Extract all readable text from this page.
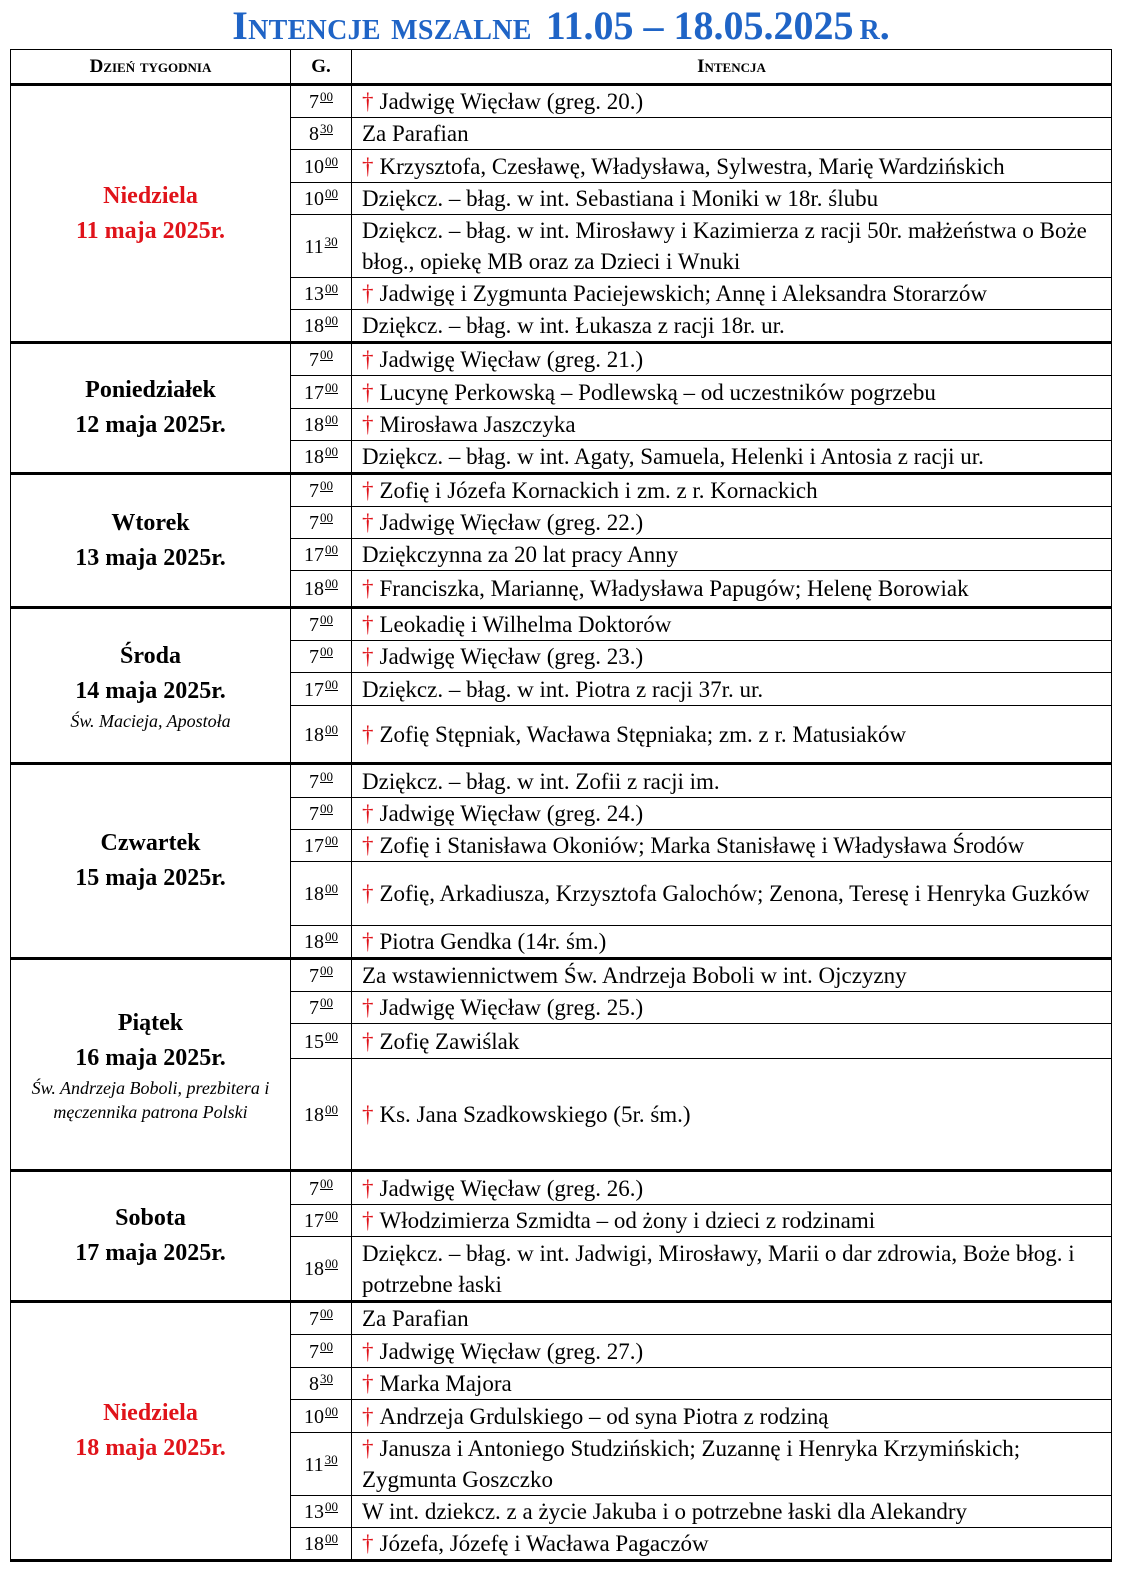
Intencje mszalne 11.05 – 18.05.2025 r.
Dzień tygodnia	G.	Intencja

Niedziela
11 maja 2025r.	$7^{00}$	† Jadwigę Więcław (greg. 20.)
	$8^{30}$	Za Parafian
	$10^{00}$	† Krzysztofa, Czesławę, Władysława, Sylwestra, Marię Wardzińskich
	$10^{00}$	Dziękcz. – błag. w int. Sebastiana i Moniki w 18r. ślubu
	$11^{30}$	Dziękcz. – błag. w int. Mirosławy i Kazimierza z racji 50r. małżeństwa o Boże błog., opiekę MB oraz za Dzieci i Wnuki
	$13^{00}$	† Jadwigę i Zygmunta Paciejewskich; Annę i Aleksandra Storarzów
	$18^{00}$	Dziękcz. – błag. w int. Łukasza z racji 18r. ur.

Poniedziałek
12 maja 2025r.	$7^{00}$	† Jadwigę Więcław (greg. 21.)
	$17^{00}$	† Lucynę Perkowską – Podlewską – od uczestników pogrzebu
	$18^{00}$	† Mirosława Jaszczyka
	$18^{00}$	Dziękcz. – błag. w int. Agaty, Samuela, Helenki i Antosia z racji ur.

Wtorek
13 maja 2025r.	$7^{00}$	† Zofię i Józefa Kornackich i zm. z r. Kornackich
	$7^{00}$	† Jadwigę Więcław (greg. 22.)
	$17^{00}$	Dziękczynna za 20 lat pracy Anny
	$18^{00}$	† Franciszka, Mariannę, Władysława Papugów; Helenę Borowiak

Środa
14 maja 2025r.
Św. Macieja, Apostoła	$7^{00}$	† Leokadię i Wilhelma Doktorów
	$7^{00}$	† Jadwigę Więcław (greg. 23.)
	$17^{00}$	Dziękcz. – błag. w int. Piotra z racji 37r. ur.
	$18^{00}$	† Zofię Stępniak, Wacława Stępniaka; zm. z r. Matusiaków

Czwartek
15 maja 2025r.	$7^{00}$	Dziękcz. – błag. w int. Zofii z racji im.
	$7^{00}$	† Jadwigę Więcław (greg. 24.)
	$17^{00}$	† Zofię i Stanisława Okoniów; Marka Stanisławę i Władysława Środów
	$18^{00}$	† Zofię, Arkadiusza, Krzysztofa Galochów; Zenona, Teresę i Henryka Guzków
	$18^{00}$	† Piotra Gendka (14r. śm.)

Piątek
16 maja 2025r.
Św. Andrzeja Boboli, prezbitera i męczennika patrona Polski	$7^{00}$	Za wstawiennictwem Św. Andrzeja Boboli w int. Ojczyzny
	$7^{00}$	† Jadwigę Więcław (greg. 25.)
	$15^{00}$	† Zofię Zawiślak
	$18^{00}$	† Ks. Jana Szadkowskiego (5r. śm.)

Sobota
17 maja 2025r.	$7^{00}$	† Jadwigę Więcław (greg. 26.)
	$17^{00}$	† Włodzimierza Szmidta – od żony i dzieci z rodzinami
	$18^{00}$	Dziękcz. – błag. w int. Jadwigi, Mirosławy, Marii o dar zdrowia, Boże błog. i potrzebne łaski

Niedziela
18 maja 2025r.	$7^{00}$	Za Parafian
	$7^{00}$	† Jadwigę Więcław (greg. 27.)
	$8^{30}$	† Marka Majora
	$10^{00}$	† Andrzeja Grdulskiego – od syna Piotra z rodziną
	$11^{30}$	† Janusza i Antoniego Studzińskich; Zuzannę i Henryka Krzymińskich; Zygmunta Goszczko
	$13^{00}$	W int. dziekcz. z a życie Jakuba i o potrzebne łaski dla Alekandry
	$18^{00}$	† Józefa, Józefę i Wacława Pagaczów
